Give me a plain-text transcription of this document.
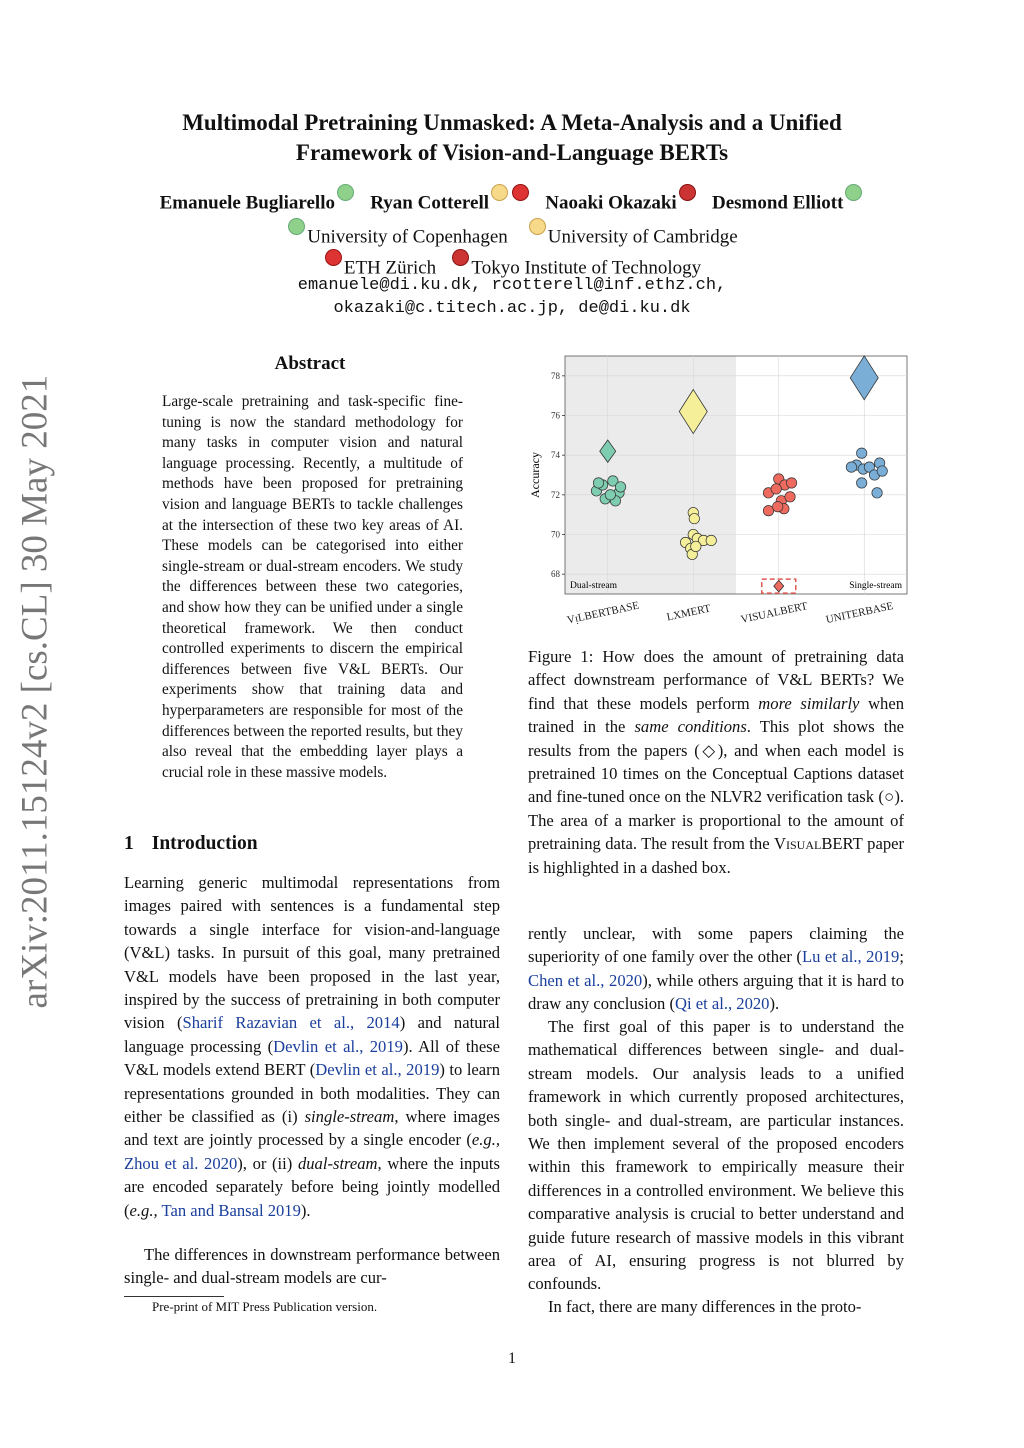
Multimodal Pretraining Unmasked: A Meta-Analysis and a Unified
Framework of Vision-and-Language BERTs
Emanuele Bugliarello Ryan Cotterell	Naoaki Okazaki Desmond Elliott
University of Copenhagen University of Cambridge
ETH Zürich Tokyo Institute of Technology
emanuele@di.ku.dk, rcotterell@inf.ethz.ch,
okazaki@c.titech.ac.jp, de@di.ku.dk
arXiv:2011.15124v2 [cs.CL] 30 May 2021
Abstract
Large-scale pretraining and task-specific fine-tuning is now the standard methodology for many tasks in computer vision and natural language processing. Recently, a multitude of methods have been proposed for pretraining vision and language BERTs to tackle challenges at the intersection of these two key areas of AI. These models can be categorised into either single-stream or dual-stream encoders. We study the differences between these two categories, and show how they can be unified under a single theoretical framework. We then conduct controlled experiments to discern the empirical differences between five V&L BERTs. Our experiments show that training data and hyperparameters are responsible for most of the differences between the reported results, but they also reveal that the embedding layer plays a crucial role in these massive models.
1 Introduction
Learning generic multimodal representations from images paired with sentences is a fundamental step towards a single interface for vision-and-language (V&L) tasks. In pursuit of this goal, many pretrained V&L models have been proposed in the last year, inspired by the success of pretraining in both computer vision (Sharif Razavian et al., 2014) and natural language processing (Devlin et al., 2019). All of these V&L models extend BERT (Devlin et al., 2019) to learn representations grounded in both modalities. They can either be classified as (i) single-stream, where images and text are jointly processed by a single encoder (e.g., Zhou et al. 2020), or (ii) dual-stream, where the inputs are encoded separately before being jointly modelled (e.g., Tan and Bansal 2019).
The differences in downstream performance between single- and dual-stream models are cur-
Pre-print of MIT Press Publication version.
1
68
70
72
74
76
78
VᴉLBERTBASE LXMERT	VISUALBERT UNITERBASE
Accuracy
Dual-stream	Single-stream
Figure 1: How does the amount of pretraining data affect downstream performance of V&L BERTs? We find that these models perform more similarly when trained in the same conditions. This plot shows the results from the papers (◇), and when each model is pretrained 10 times on the Conceptual Captions dataset and fine-tuned once on the NLVR2 verification task (○). The area of a marker is proportional to the amount of pretraining data. The result from the VisualBERT paper is highlighted in a dashed box.
rently unclear, with some papers claiming the superiority of one family over the other (Lu et al., 2019; Chen et al., 2020), while others arguing that it is hard to draw any conclusion (Qi et al., 2020).
The first goal of this paper is to understand the mathematical differences between single- and dual-stream models. Our analysis leads to a unified framework in which currently proposed architectures, both single- and dual-stream, are particular instances. We then implement several of the proposed encoders within this framework to empirically measure their differences in a controlled environment. We believe this comparative analysis is crucial to better understand and guide future research of massive models in this vibrant area of AI, ensuring progress is not blurred by confounds.
In fact, there are many differences in the proto-
